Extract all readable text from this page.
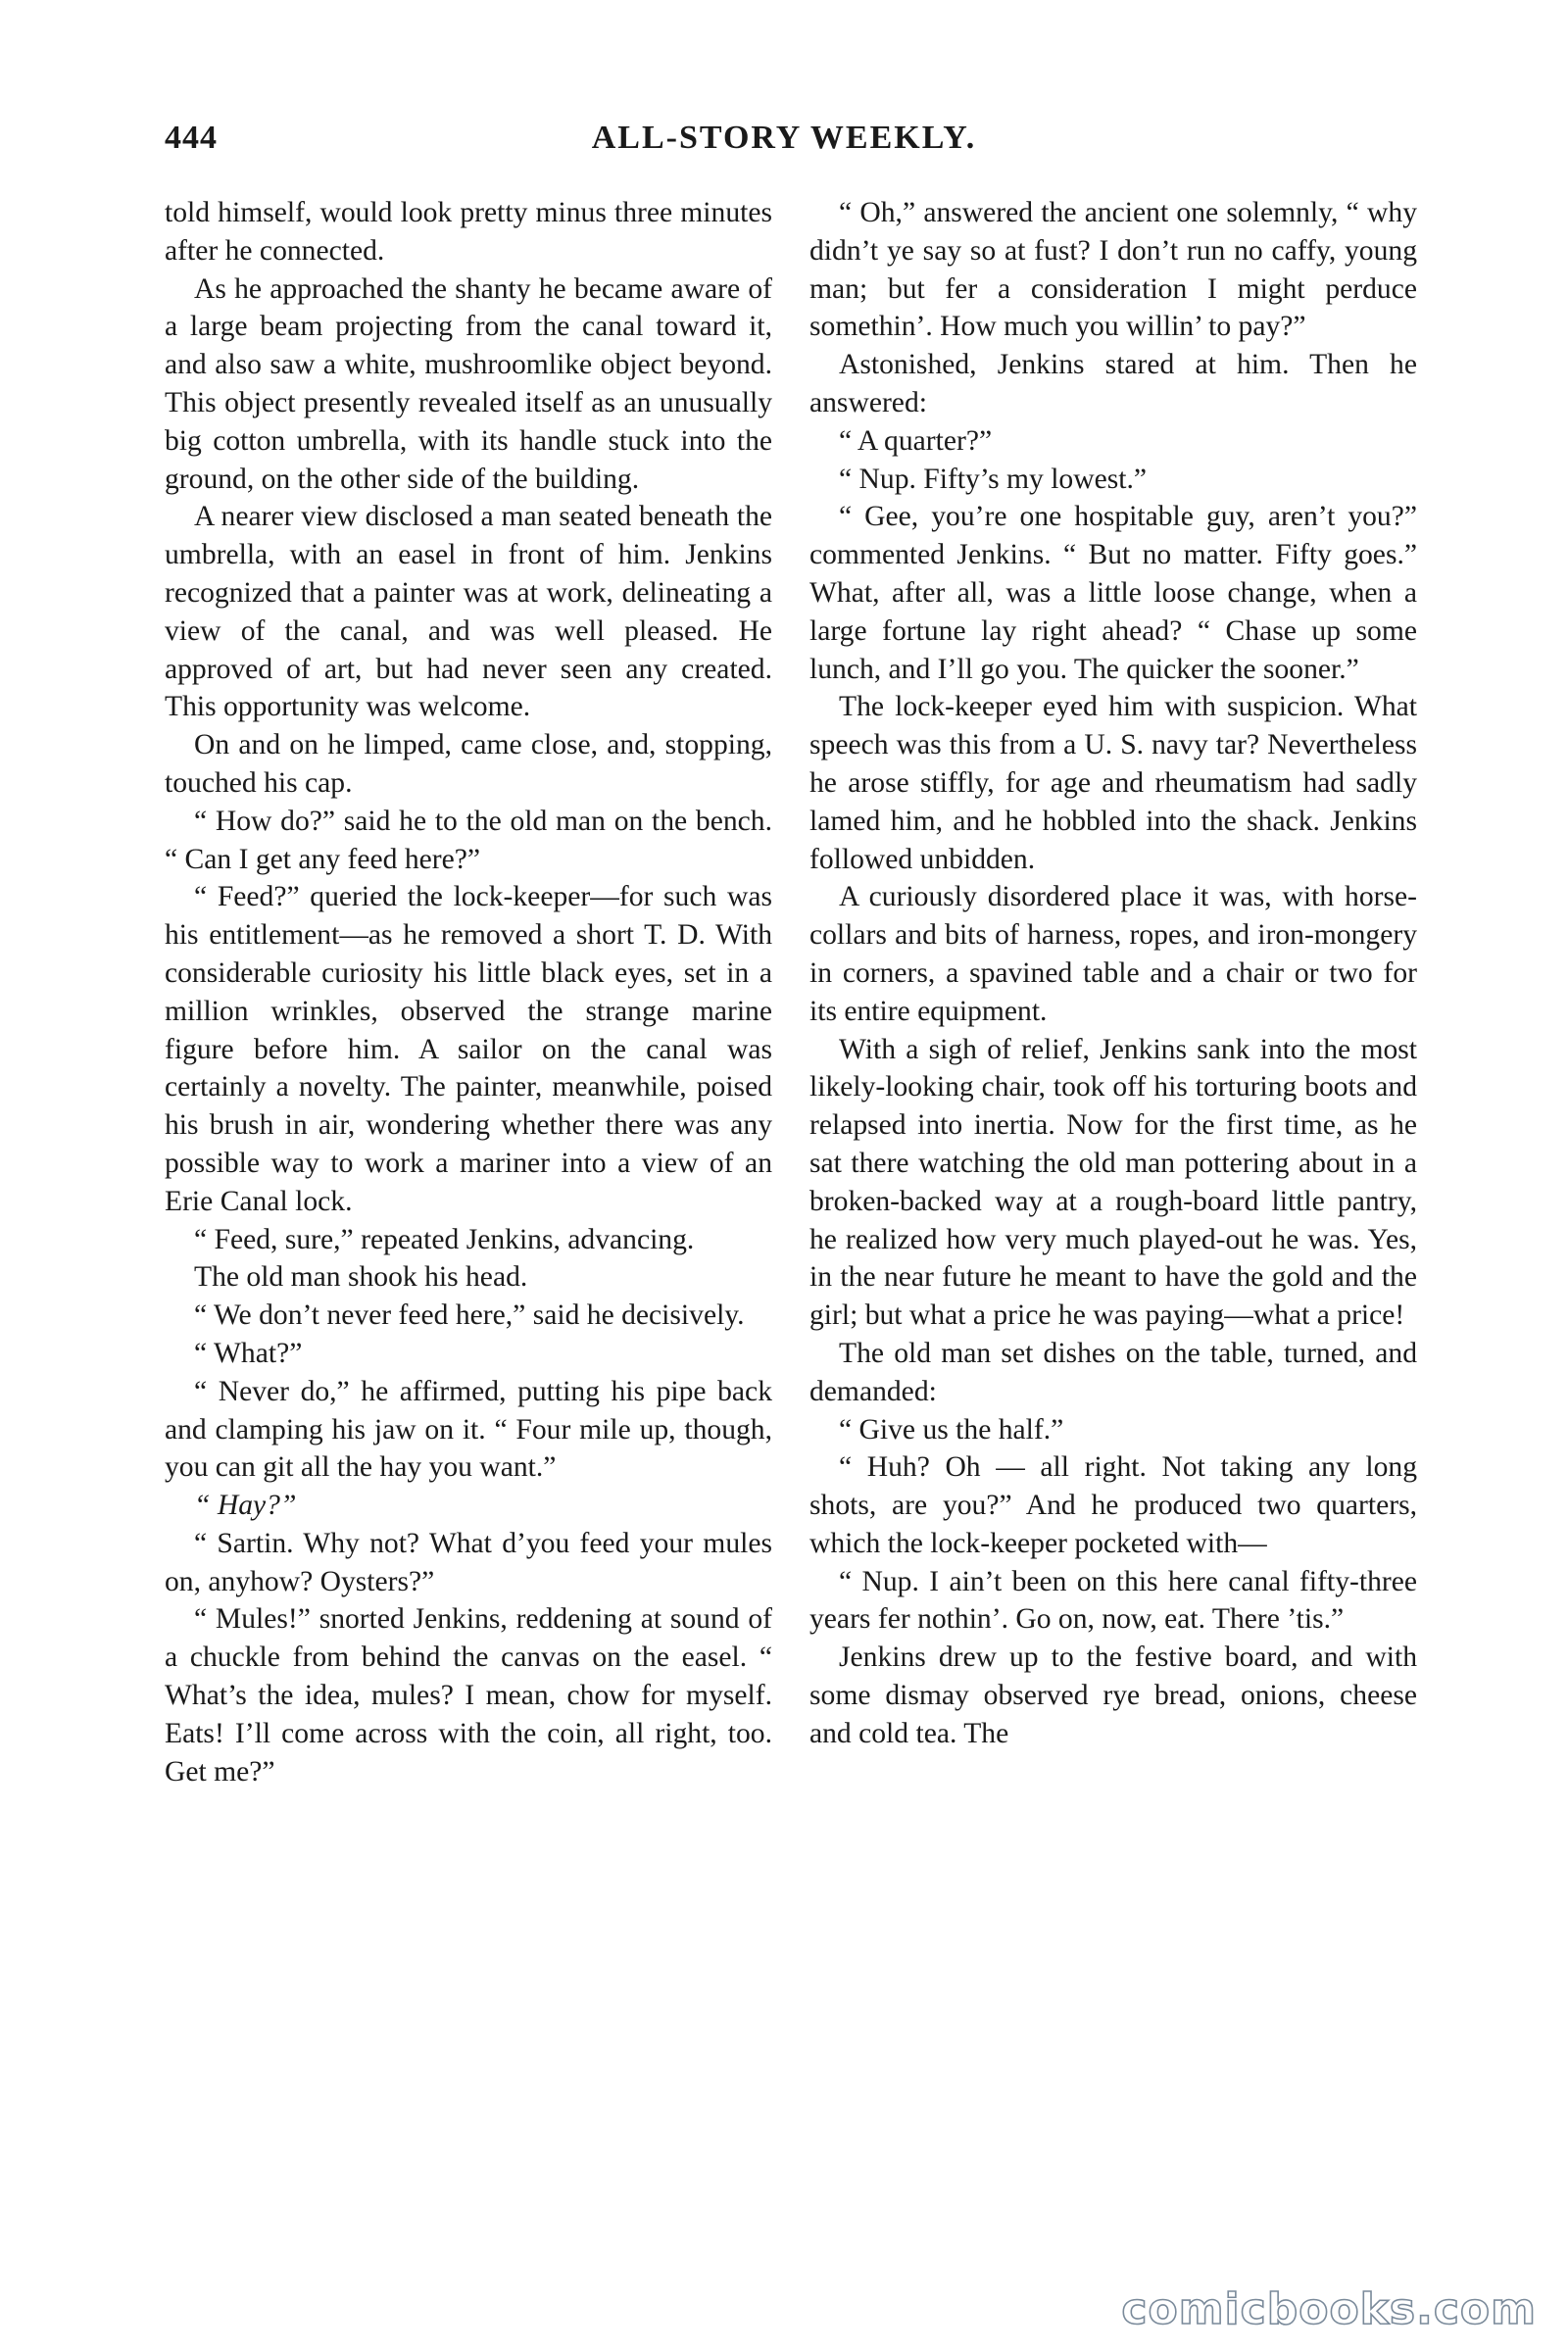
444	ALL-STORY WEEKLY.

told himself, would look pretty minus three minutes after he connected.

As he approached the shanty he became aware of a large beam projecting from the canal toward it, and also saw a white, mushroomlike object beyond. This object presently revealed itself as an unusually big cotton umbrella, with its handle stuck into the ground, on the other side of the building.

A nearer view disclosed a man seated beneath the umbrella, with an easel in front of him. Jenkins recognized that a painter was at work, delineating a view of the canal, and was well pleased. He approved of art, but had never seen any created. This opportunity was welcome.

On and on he limped, came close, and, stopping, touched his cap.

“ How do?” said he to the old man on the bench. “ Can I get any feed here?”

“ Feed?” queried the lock-keeper—for such was his entitlement—as he removed a short T. D. With considerable curiosity his little black eyes, set in a million wrinkles, observed the strange marine figure before him. A sailor on the canal was certainly a novelty. The painter, meanwhile, poised his brush in air, wondering whether there was any possible way to work a mariner into a view of an Erie Canal lock.

“ Feed, sure,” repeated Jenkins, advancing.

The old man shook his head.

“ We don’t never feed here,” said he decisively.

“ What?”

“ Never do,” he affirmed, putting his pipe back and clamping his jaw on it. “ Four mile up, though, you can git all the hay you want.”

“ Hay?”

“ Sartin. Why not? What d’you feed your mules on, anyhow? Oysters?”

“ Mules!” snorted Jenkins, reddening at sound of a chuckle from behind the canvas on the easel. “ What’s the idea, mules? I mean, chow for myself. Eats! I’ll come across with the coin, all right, too. Get me?”

“ Oh,” answered the ancient one solemnly, “ why didn’t ye say so at fust? I don’t run no caffy, young man; but fer a consideration I might perduce somethin’. How much you willin’ to pay?”

Astonished, Jenkins stared at him. Then he answered:

“ A quarter?”

“ Nup. Fifty’s my lowest.”

“ Gee, you’re one hospitable guy, aren’t you?” commented Jenkins. “ But no matter. Fifty goes.” What, after all, was a little loose change, when a large fortune lay right ahead? “ Chase up some lunch, and I’ll go you. The quicker the sooner.”

The lock-keeper eyed him with suspicion. What speech was this from a U. S. navy tar? Nevertheless he arose stiffly, for age and rheumatism had sadly lamed him, and he hobbled into the shack. Jenkins followed unbidden.

A curiously disordered place it was, with horse-collars and bits of harness, ropes, and iron-mongery in corners, a spavined table and a chair or two for its entire equipment.

With a sigh of relief, Jenkins sank into the most likely-looking chair, took off his torturing boots and relapsed into inertia. Now for the first time, as he sat there watching the old man pottering about in a broken-backed way at a rough-board little pantry, he realized how very much played-out he was. Yes, in the near future he meant to have the gold and the girl; but what a price he was paying—what a price!

The old man set dishes on the table, turned, and demanded:

“ Give us the half.”

“ Huh? Oh — all right. Not taking any long shots, are you?” And he produced two quarters, which the lock-keeper pocketed with—

“ Nup. I ain’t been on this here canal fifty-three years fer nothin’. Go on, now, eat. There ’tis.”

Jenkins drew up to the festive board, and with some dismay observed rye bread, onions, cheese and cold tea. The

comicbooks.com
